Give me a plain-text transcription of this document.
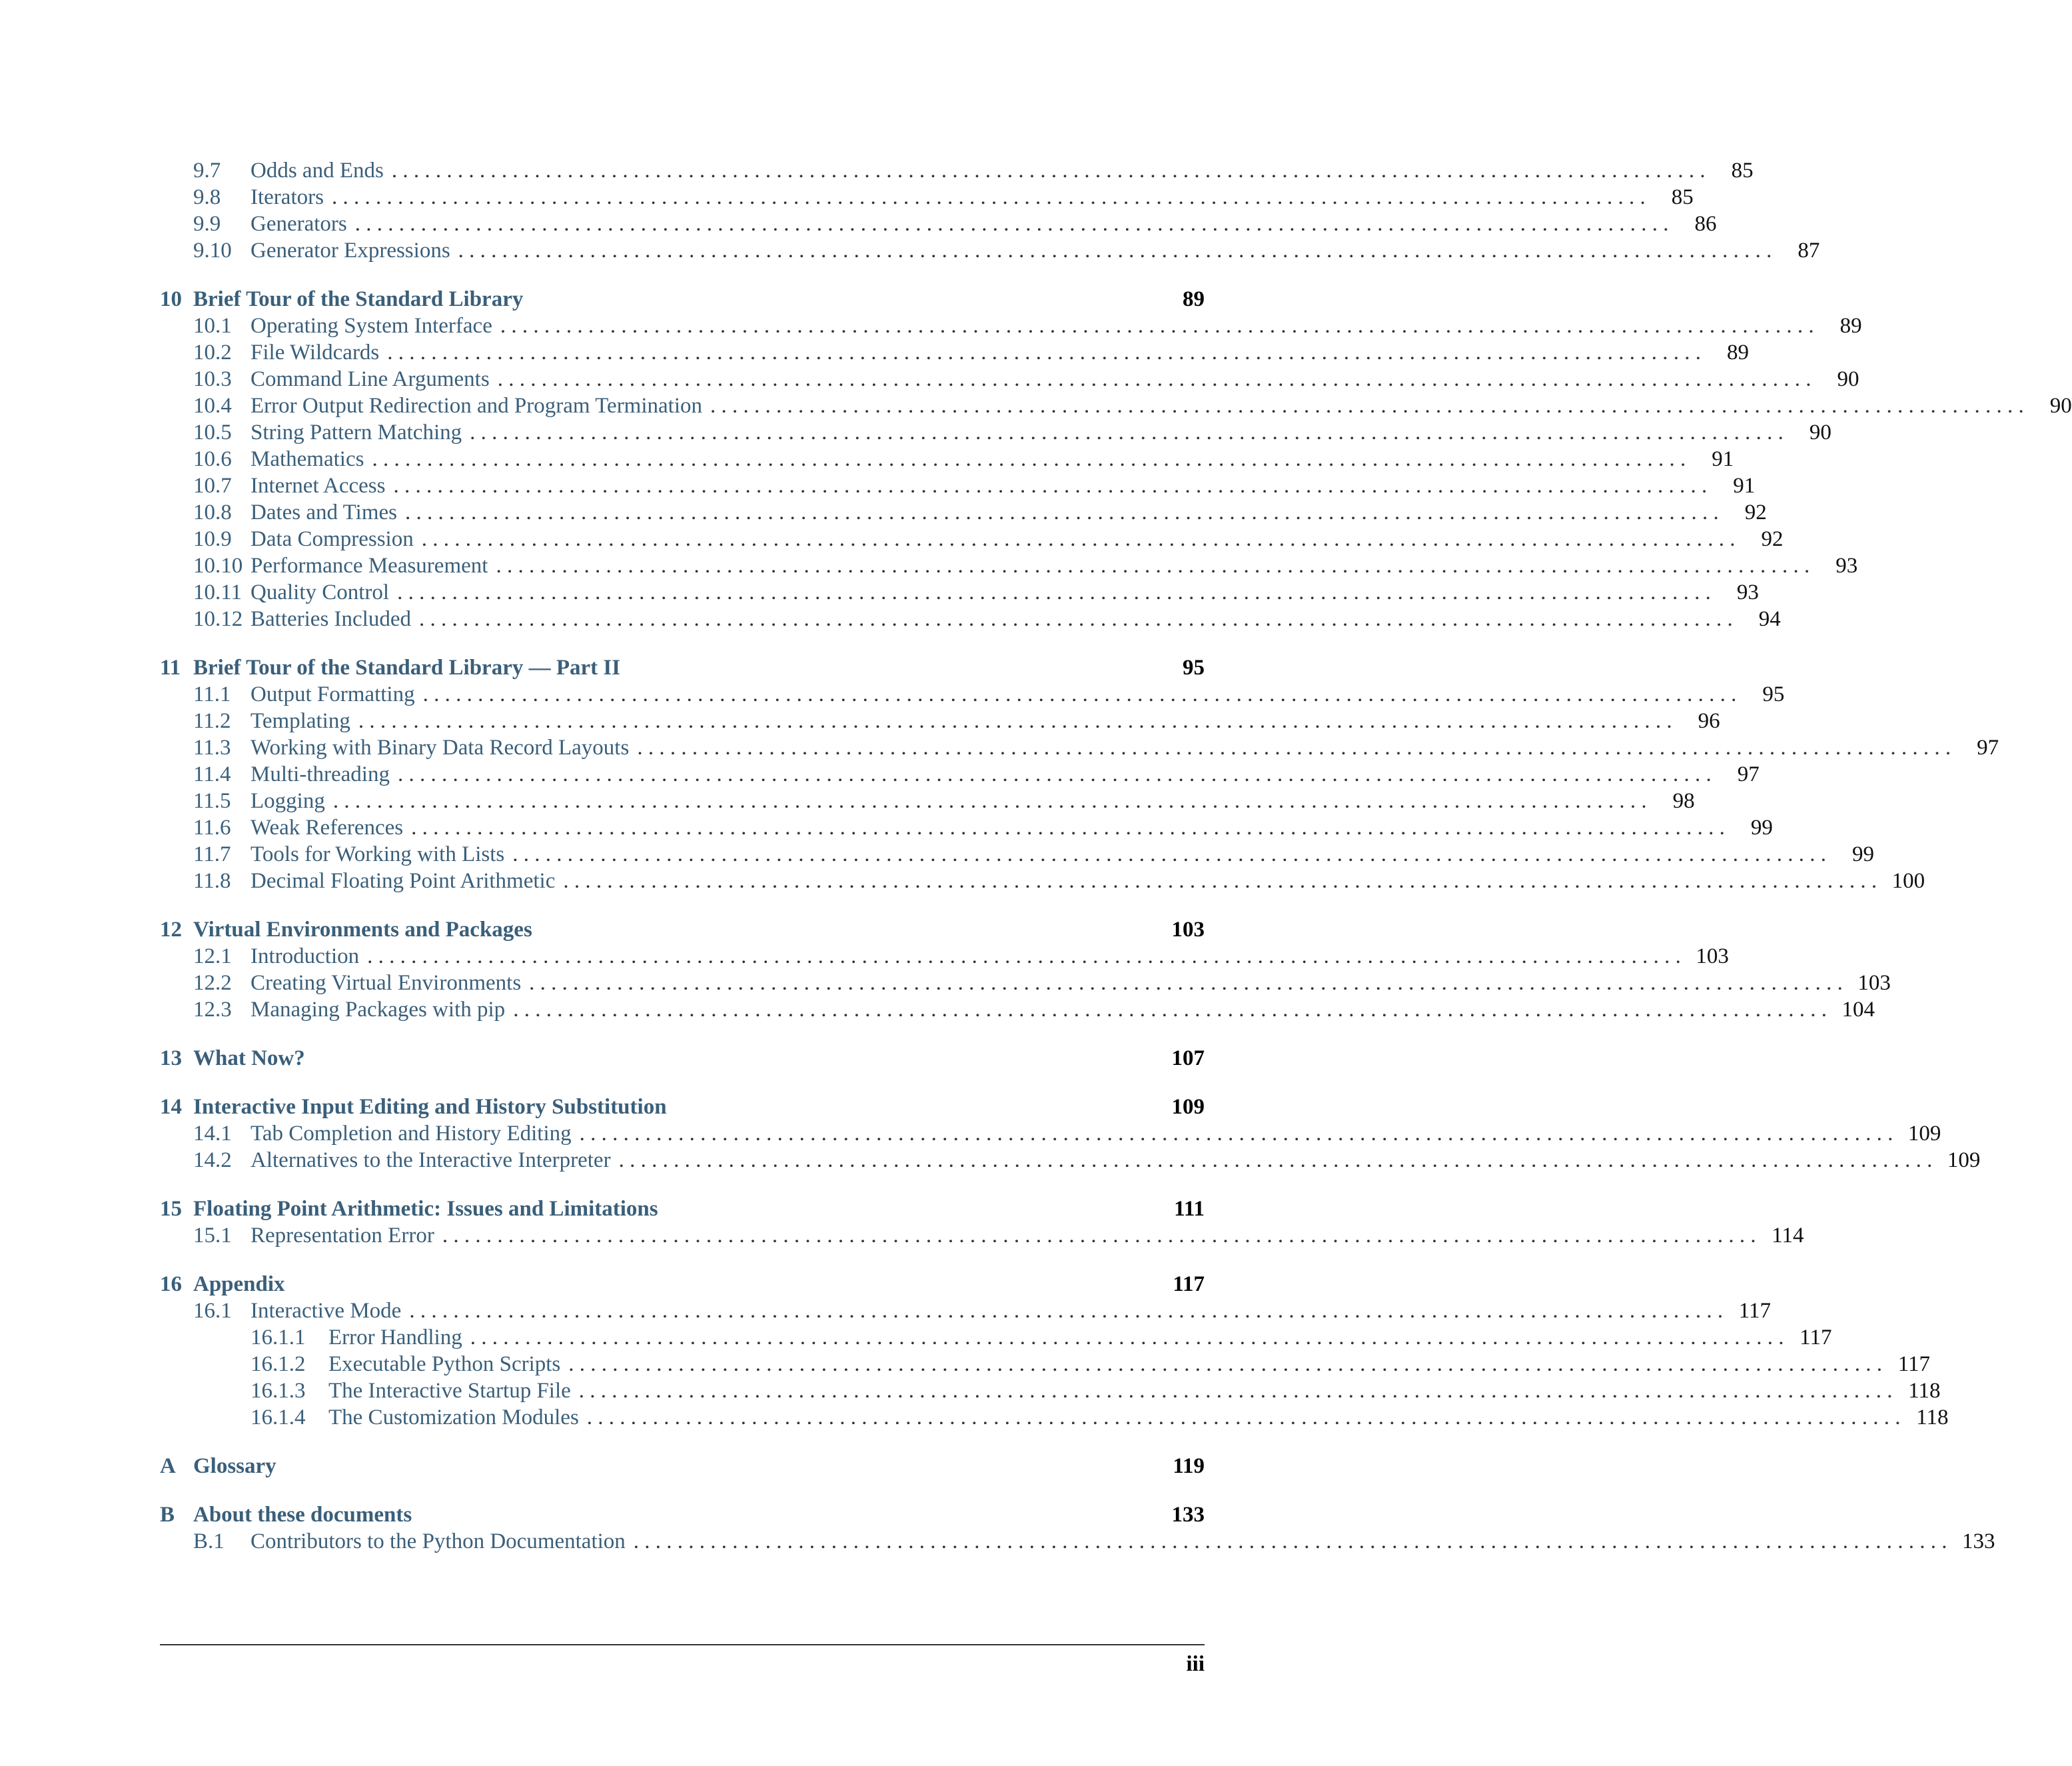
9.7	Odds and Ends . . . . . . . . . . . . . . . . . . . . . . . . . . . . . . . . . . . . . . . . . . . . . . . . . . . . . . . . . . . . . . . . . . . . . . . . . . . . . . . . . . . . . . . . . . . . . . . . . . . . . . . . . . . . . . . . . . . . . . . .	85
9.8	Iterators . . . . . . . . . . . . . . . . . . . . . . . . . . . . . . . . . . . . . . . . . . . . . . . . . . . . . . . . . . . . . . . . . . . . . . . . . . . . . . . . . . . . . . . . . . . . . . . . . . . . . . . . . . . . . . . . . . . . . . . .	85
9.9	Generators . . . . . . . . . . . . . . . . . . . . . . . . . . . . . . . . . . . . . . . . . . . . . . . . . . . . . . . . . . . . . . . . . . . . . . . . . . . . . . . . . . . . . . . . . . . . . . . . . . . . . . . . . . . . . . . . . . . . . . . .	86
9.10 Generator Expressions . . . . . . . . . . . . . . . . . . . . . . . . . . . . . . . . . . . . . . . . . . . . . . . . . . . . . . . . . . . . . . . . . . . . . . . . . . . . . . . . . . . . . . . . . . . . . . . . . . . . . . . . . . . . . . . . . . . . . . . .	87
10 Brief Tour of the Standard Library	89
10.1 Operating System Interface . . . . . . . . . . . . . . . . . . . . . . . . . . . . . . . . . . . . . . . . . . . . . . . . . . . . . . . . . . . . . . . . . . . . . . . . . . . . . . . . . . . . . . . . . . . . . . . . . . . . . . . . . . . . . . . . . . . . . . . .	89
10.2 File Wildcards . . . . . . . . . . . . . . . . . . . . . . . . . . . . . . . . . . . . . . . . . . . . . . . . . . . . . . . . . . . . . . . . . . . . . . . . . . . . . . . . . . . . . . . . . . . . . . . . . . . . . . . . . . . . . . . . . . . . . . . .	89
10.3 Command Line Arguments . . . . . . . . . . . . . . . . . . . . . . . . . . . . . . . . . . . . . . . . . . . . . . . . . . . . . . . . . . . . . . . . . . . . . . . . . . . . . . . . . . . . . . . . . . . . . . . . . . . . . . . . . . . . . . . . . . . . . . . .	90
10.4 Error Output Redirection and Program Termination . . . . . . . . . . . . . . . . . . . . . . . . . . . . . . . . . . . . . . . . . . . . . . . . . . . . . . . . . . . . . . . . . . . . . . . . . . . . . . . . . . . . . . . . . . . . . . . . . . . . . . . . . . . . . . . . . . . . . . . .	90
10.5 String Pattern Matching . . . . . . . . . . . . . . . . . . . . . . . . . . . . . . . . . . . . . . . . . . . . . . . . . . . . . . . . . . . . . . . . . . . . . . . . . . . . . . . . . . . . . . . . . . . . . . . . . . . . . . . . . . . . . . . . . . . . . . . .	90
10.6 Mathematics . . . . . . . . . . . . . . . . . . . . . . . . . . . . . . . . . . . . . . . . . . . . . . . . . . . . . . . . . . . . . . . . . . . . . . . . . . . . . . . . . . . . . . . . . . . . . . . . . . . . . . . . . . . . . . . . . . . . . . . .	91
10.7 Internet Access . . . . . . . . . . . . . . . . . . . . . . . . . . . . . . . . . . . . . . . . . . . . . . . . . . . . . . . . . . . . . . . . . . . . . . . . . . . . . . . . . . . . . . . . . . . . . . . . . . . . . . . . . . . . . . . . . . . . . . . .	91
10.8 Dates and Times . . . . . . . . . . . . . . . . . . . . . . . . . . . . . . . . . . . . . . . . . . . . . . . . . . . . . . . . . . . . . . . . . . . . . . . . . . . . . . . . . . . . . . . . . . . . . . . . . . . . . . . . . . . . . . . . . . . . . . . .	92
10.9 Data Compression . . . . . . . . . . . . . . . . . . . . . . . . . . . . . . . . . . . . . . . . . . . . . . . . . . . . . . . . . . . . . . . . . . . . . . . . . . . . . . . . . . . . . . . . . . . . . . . . . . . . . . . . . . . . . . . . . . . . . . . .	92
10.10 Performance Measurement . . . . . . . . . . . . . . . . . . . . . . . . . . . . . . . . . . . . . . . . . . . . . . . . . . . . . . . . . . . . . . . . . . . . . . . . . . . . . . . . . . . . . . . . . . . . . . . . . . . . . . . . . . . . . . . . . . . . . . . .	93
10.11 Quality Control . . . . . . . . . . . . . . . . . . . . . . . . . . . . . . . . . . . . . . . . . . . . . . . . . . . . . . . . . . . . . . . . . . . . . . . . . . . . . . . . . . . . . . . . . . . . . . . . . . . . . . . . . . . . . . . . . . . . . . . .	93
10.12 Batteries Included . . . . . . . . . . . . . . . . . . . . . . . . . . . . . . . . . . . . . . . . . . . . . . . . . . . . . . . . . . . . . . . . . . . . . . . . . . . . . . . . . . . . . . . . . . . . . . . . . . . . . . . . . . . . . . . . . . . . . . . .	94
11 Brief Tour of the Standard Library — Part II	95
11.1 Output Formatting . . . . . . . . . . . . . . . . . . . . . . . . . . . . . . . . . . . . . . . . . . . . . . . . . . . . . . . . . . . . . . . . . . . . . . . . . . . . . . . . . . . . . . . . . . . . . . . . . . . . . . . . . . . . . . . . . . . . . . . .	95
11.2 Templating . . . . . . . . . . . . . . . . . . . . . . . . . . . . . . . . . . . . . . . . . . . . . . . . . . . . . . . . . . . . . . . . . . . . . . . . . . . . . . . . . . . . . . . . . . . . . . . . . . . . . . . . . . . . . . . . . . . . . . . .	96
11.3 Working with Binary Data Record Layouts . . . . . . . . . . . . . . . . . . . . . . . . . . . . . . . . . . . . . . . . . . . . . . . . . . . . . . . . . . . . . . . . . . . . . . . . . . . . . . . . . . . . . . . . . . . . . . . . . . . . . . . . . . . . . . . . . . . . . . . .	97
11.4 Multi-threading . . . . . . . . . . . . . . . . . . . . . . . . . . . . . . . . . . . . . . . . . . . . . . . . . . . . . . . . . . . . . . . . . . . . . . . . . . . . . . . . . . . . . . . . . . . . . . . . . . . . . . . . . . . . . . . . . . . . . . . .	97
11.5 Logging . . . . . . . . . . . . . . . . . . . . . . . . . . . . . . . . . . . . . . . . . . . . . . . . . . . . . . . . . . . . . . . . . . . . . . . . . . . . . . . . . . . . . . . . . . . . . . . . . . . . . . . . . . . . . . . . . . . . . . . .	98
11.6 Weak References . . . . . . . . . . . . . . . . . . . . . . . . . . . . . . . . . . . . . . . . . . . . . . . . . . . . . . . . . . . . . . . . . . . . . . . . . . . . . . . . . . . . . . . . . . . . . . . . . . . . . . . . . . . . . . . . . . . . . . . .	99
11.7 Tools for Working with Lists . . . . . . . . . . . . . . . . . . . . . . . . . . . . . . . . . . . . . . . . . . . . . . . . . . . . . . . . . . . . . . . . . . . . . . . . . . . . . . . . . . . . . . . . . . . . . . . . . . . . . . . . . . . . . . . . . . . . . . . .	99
11.8 Decimal Floating Point Arithmetic . . . . . . . . . . . . . . . . . . . . . . . . . . . . . . . . . . . . . . . . . . . . . . . . . . . . . . . . . . . . . . . . . . . . . . . . . . . . . . . . . . . . . . . . . . . . . . . . . . . . . . . . . . . . . . . . . . . . . . . . 100
12 Virtual Environments and Packages	103
12.1 Introduction . . . . . . . . . . . . . . . . . . . . . . . . . . . . . . . . . . . . . . . . . . . . . . . . . . . . . . . . . . . . . . . . . . . . . . . . . . . . . . . . . . . . . . . . . . . . . . . . . . . . . . . . . . . . . . . . . . . . . . . . 103
12.2 Creating Virtual Environments . . . . . . . . . . . . . . . . . . . . . . . . . . . . . . . . . . . . . . . . . . . . . . . . . . . . . . . . . . . . . . . . . . . . . . . . . . . . . . . . . . . . . . . . . . . . . . . . . . . . . . . . . . . . . . . . . . . . . . . . 103
12.3 Managing Packages with pip . . . . . . . . . . . . . . . . . . . . . . . . . . . . . . . . . . . . . . . . . . . . . . . . . . . . . . . . . . . . . . . . . . . . . . . . . . . . . . . . . . . . . . . . . . . . . . . . . . . . . . . . . . . . . . . . . . . . . . . . 104
13 What Now?	107
14 Interactive Input Editing and History Substitution	109
14.1 Tab Completion and History Editing . . . . . . . . . . . . . . . . . . . . . . . . . . . . . . . . . . . . . . . . . . . . . . . . . . . . . . . . . . . . . . . . . . . . . . . . . . . . . . . . . . . . . . . . . . . . . . . . . . . . . . . . . . . . . . . . . . . . . . . . 109
14.2 Alternatives to the Interactive Interpreter . . . . . . . . . . . . . . . . . . . . . . . . . . . . . . . . . . . . . . . . . . . . . . . . . . . . . . . . . . . . . . . . . . . . . . . . . . . . . . . . . . . . . . . . . . . . . . . . . . . . . . . . . . . . . . . . . . . . . . . . 109
15 Floating Point Arithmetic: Issues and Limitations	111
15.1 Representation Error . . . . . . . . . . . . . . . . . . . . . . . . . . . . . . . . . . . . . . . . . . . . . . . . . . . . . . . . . . . . . . . . . . . . . . . . . . . . . . . . . . . . . . . . . . . . . . . . . . . . . . . . . . . . . . . . . . . . . . . . 114
16 Appendix	117
16.1 Interactive Mode . . . . . . . . . . . . . . . . . . . . . . . . . . . . . . . . . . . . . . . . . . . . . . . . . . . . . . . . . . . . . . . . . . . . . . . . . . . . . . . . . . . . . . . . . . . . . . . . . . . . . . . . . . . . . . . . . . . . . . . . 117
16.1.1	Error Handling . . . . . . . . . . . . . . . . . . . . . . . . . . . . . . . . . . . . . . . . . . . . . . . . . . . . . . . . . . . . . . . . . . . . . . . . . . . . . . . . . . . . . . . . . . . . . . . . . . . . . . . . . . . . . . . . . . . . . . . . 117
16.1.2	Executable Python Scripts . . . . . . . . . . . . . . . . . . . . . . . . . . . . . . . . . . . . . . . . . . . . . . . . . . . . . . . . . . . . . . . . . . . . . . . . . . . . . . . . . . . . . . . . . . . . . . . . . . . . . . . . . . . . . . . . . . . . . . . . 117
16.1.3	The Interactive Startup File . . . . . . . . . . . . . . . . . . . . . . . . . . . . . . . . . . . . . . . . . . . . . . . . . . . . . . . . . . . . . . . . . . . . . . . . . . . . . . . . . . . . . . . . . . . . . . . . . . . . . . . . . . . . . . . . . . . . . . . . 118
16.1.4	The Customization Modules . . . . . . . . . . . . . . . . . . . . . . . . . . . . . . . . . . . . . . . . . . . . . . . . . . . . . . . . . . . . . . . . . . . . . . . . . . . . . . . . . . . . . . . . . . . . . . . . . . . . . . . . . . . . . . . . . . . . . . . . 118
A Glossary	119
B About these documents	133
B.1	Contributors to the Python Documentation . . . . . . . . . . . . . . . . . . . . . . . . . . . . . . . . . . . . . . . . . . . . . . . . . . . . . . . . . . . . . . . . . . . . . . . . . . . . . . . . . . . . . . . . . . . . . . . . . . . . . . . . . . . . . . . . . . . . . . . . 133
iii
